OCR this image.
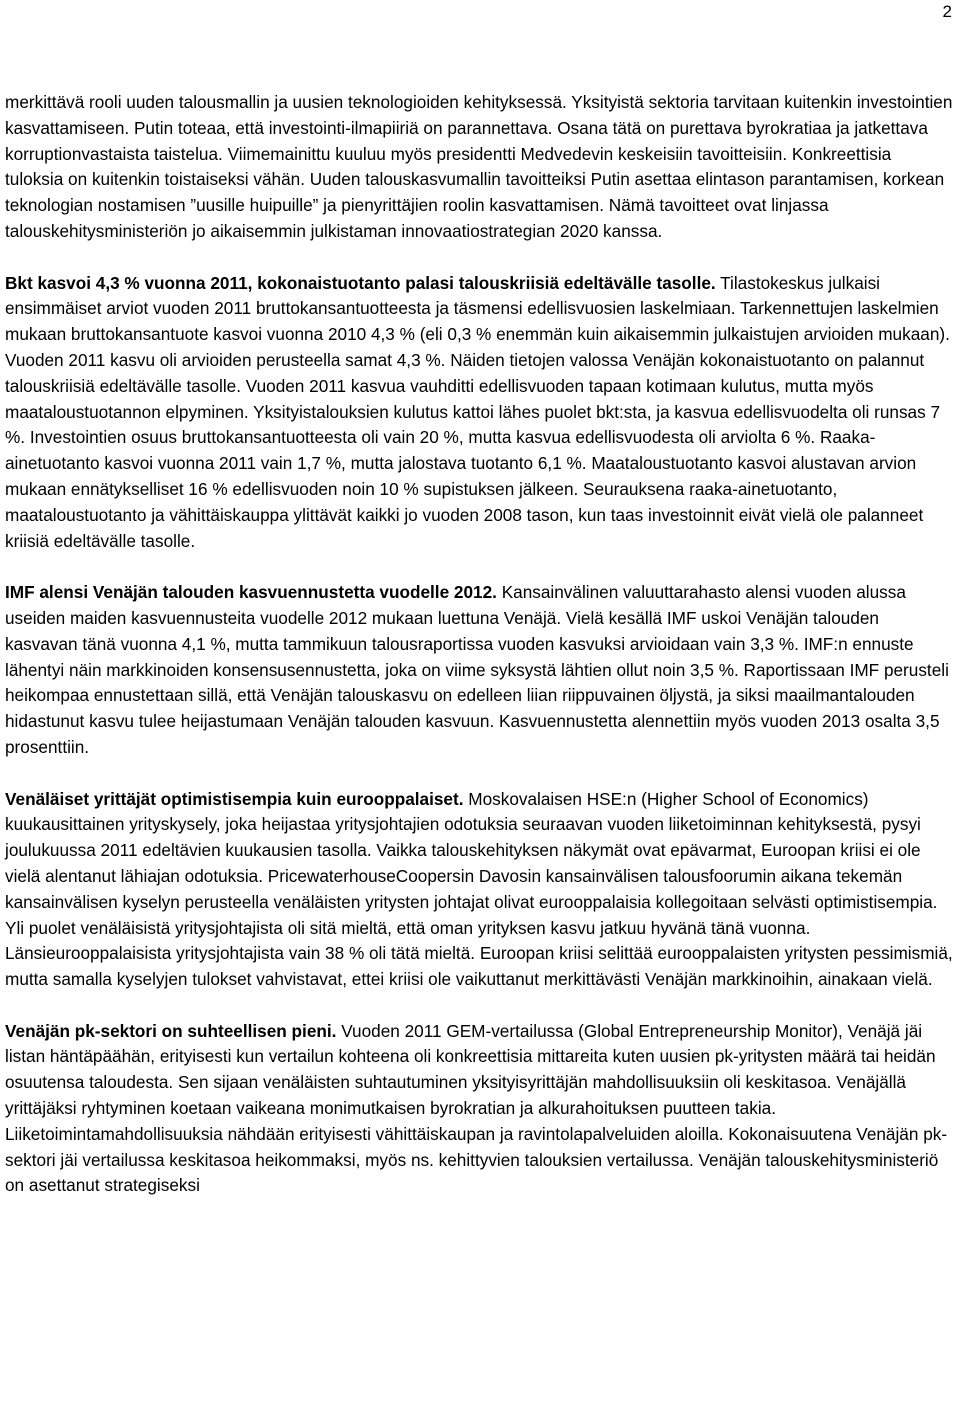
2

merkittävä rooli uuden talousmallin ja uusien teknologioiden kehityksessä. Yksityistä sektoria tarvitaan kuitenkin investointien kasvattamiseen. Putin toteaa, että investointi-ilmapiiriä on parannettava. Osana tätä on purettava byrokratiaa ja jatkettava korruptionvastaista taistelua. Viimemainittu kuuluu myös presidentti Medvedevin keskeisiin tavoitteisiin. Konkreettisia tuloksia on kuitenkin toistaiseksi vähän. Uuden talouskasvumallin tavoitteiksi Putin asettaa elintason parantamisen, korkean teknologian nostamisen ”uusille huipuille” ja pienyrittäjien roolin kasvattamisen. Nämä tavoitteet ovat linjassa talouskehitysministeriön jo aikaisemmin julkistaman innovaatiostrategian 2020 kanssa.

Bkt kasvoi 4,3 % vuonna 2011, kokonaistuotanto palasi talouskriisiä edeltävälle tasolle. Tilastokeskus julkaisi ensimmäiset arviot vuoden 2011 bruttokansantuotteesta ja täsmensi edellisvuosien laskelmiaan. Tarkennettujen laskelmien mukaan bruttokansantuote kasvoi vuonna 2010 4,3 % (eli 0,3 % enemmän kuin aikaisemmin julkaistujen arvioiden mukaan). Vuoden 2011 kasvu oli arvioiden perusteella samat 4,3 %. Näiden tietojen valossa Venäjän kokonaistuotanto on palannut talouskriisiä edeltävälle tasolle. Vuoden 2011 kasvua vauhditti edellisvuoden tapaan kotimaan kulutus, mutta myös maataloustuotannon elpyminen. Yksityistalouksien kulutus kattoi lähes puolet bkt:sta, ja kasvua edellisvuodelta oli runsas 7 %. Investointien osuus bruttokansantuotteesta oli vain 20 %, mutta kasvua edellisvuodesta oli arviolta 6 %. Raaka-ainetuotanto kasvoi vuonna 2011 vain 1,7 %, mutta jalostava tuotanto 6,1 %. Maataloustuotanto kasvoi alustavan arvion mukaan ennätykselliset 16 % edellisvuoden noin 10 % supistuksen jälkeen. Seurauksena raaka-ainetuotanto, maataloustuotanto ja vähittäiskauppa ylittävät kaikki jo vuoden 2008 tason, kun taas investoinnit eivät vielä ole palanneet kriisiä edeltävälle tasolle.

IMF alensi Venäjän talouden kasvuennustetta vuodelle 2012. Kansainvälinen valuuttarahasto alensi vuoden alussa useiden maiden kasvuennusteita vuodelle 2012 mukaan luettuna Venäjä. Vielä kesällä IMF uskoi Venäjän talouden kasvavan tänä vuonna 4,1 %, mutta tammikuun talousraportissa vuoden kasvuksi arvioidaan vain 3,3 %. IMF:n ennuste lähentyi näin markkinoiden konsensusennustetta, joka on viime syksystä lähtien ollut noin 3,5 %. Raportissaan IMF perusteli heikompaa ennustettaan sillä, että Venäjän talouskasvu on edelleen liian riippuvainen öljystä, ja siksi maailmantalouden hidastunut kasvu tulee heijastumaan Venäjän talouden kasvuun. Kasvuennustetta alennettiin myös vuoden 2013 osalta 3,5 prosenttiin.

Venäläiset yrittäjät optimistisempia kuin eurooppalaiset. Moskovalaisen HSE:n (Higher School of Economics) kuukausittainen yrityskysely, joka heijastaa yritysjohtajien odotuksia seuraavan vuoden liiketoiminnan kehityksestä, pysyi joulukuussa 2011 edeltävien kuukausien tasolla. Vaikka talouskehityksen näkymät ovat epävarmat, Euroopan kriisi ei ole vielä alentanut lähiajan odotuksia. PricewaterhouseCoopersin Davosin kansainvälisen talousfoorumin aikana tekemän kansainvälisen kyselyn perusteella venäläisten yritysten johtajat olivat eurooppalaisia kollegoitaan selvästi optimistisempia. Yli puolet venäläisistä yritysjohtajista oli sitä mieltä, että oman yrityksen kasvu jatkuu hyvänä tänä vuonna. Länsieurooppalaisista yritysjohtajista vain 38 % oli tätä mieltä. Euroopan kriisi selittää eurooppalaisten yritysten pessimismiä, mutta samalla kyselyjen tulokset vahvistavat, ettei kriisi ole vaikuttanut merkittävästi Venäjän markkinoihin, ainakaan vielä.

Venäjän pk-sektori on suhteellisen pieni. Vuoden 2011 GEM-vertailussa (Global Entrepreneurship Monitor), Venäjä jäi listan häntäpäähän, erityisesti kun vertailun kohteena oli konkreettisia mittareita kuten uusien pk-yritysten määrä tai heidän osuutensa taloudesta. Sen sijaan venäläisten suhtautuminen yksityisyrittäjän mahdollisuuksiin oli keskitasoa. Venäjällä yrittäjäksi ryhtyminen koetaan vaikeana monimutkaisen byrokratian ja alkurahoituksen puutteen takia. Liiketoimintamahdollisuuksia nähdään erityisesti vähittäiskaupan ja ravintolapalveluiden aloilla. Kokonaisuutena Venäjän pk-sektori jäi vertailussa keskitasoa heikommaksi, myös ns. kehittyvien talouksien vertailussa. Venäjän talouskehitysministeriö on asettanut strategiseksi
